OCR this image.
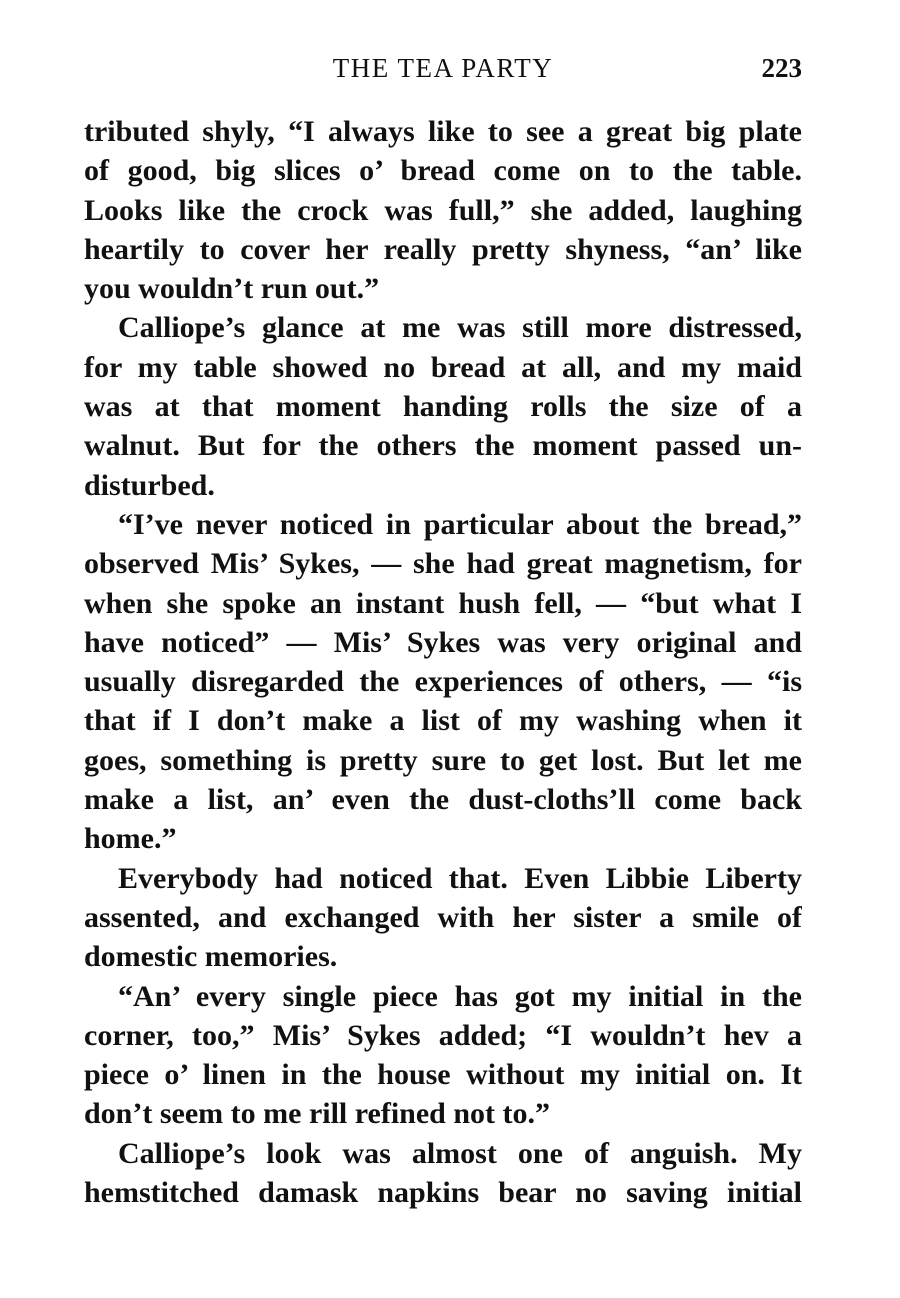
THE TEA PARTY	223
tributed shyly, “I always like to see a great big plate
of good, big slices o’ bread come on to the table.
Looks like the crock was full,” she added, laughing
heartily to cover her really pretty shyness, “an’ like
you wouldn’t run out.”
Calliope’s glance at me was still more distressed,
for my table showed no bread at all, and my maid
was at that moment handing rolls the size of a
walnut. But for the others the moment passed un-
disturbed.
“I’ve never noticed in particular about the bread,”
observed Mis’ Sykes, — she had great magnetism, for
when she spoke an instant hush fell, — “but what I
have noticed” — Mis’ Sykes was very original and
usually disregarded the experiences of others, — “is
that if I don’t make a list of my washing when it
goes, something is pretty sure to get lost. But let me
make a list, an’ even the dust-cloths’ll come back
home.”
Everybody had noticed that. Even Libbie Liberty
assented, and exchanged with her sister a smile of
domestic memories.
“An’ every single piece has got my initial in the
corner, too,” Mis’ Sykes added; “I wouldn’t hev a
piece o’ linen in the house without my initial on. It
don’t seem to me rill refined not to.”
Calliope’s look was almost one of anguish. My
hemstitched damask napkins bear no saving initial
